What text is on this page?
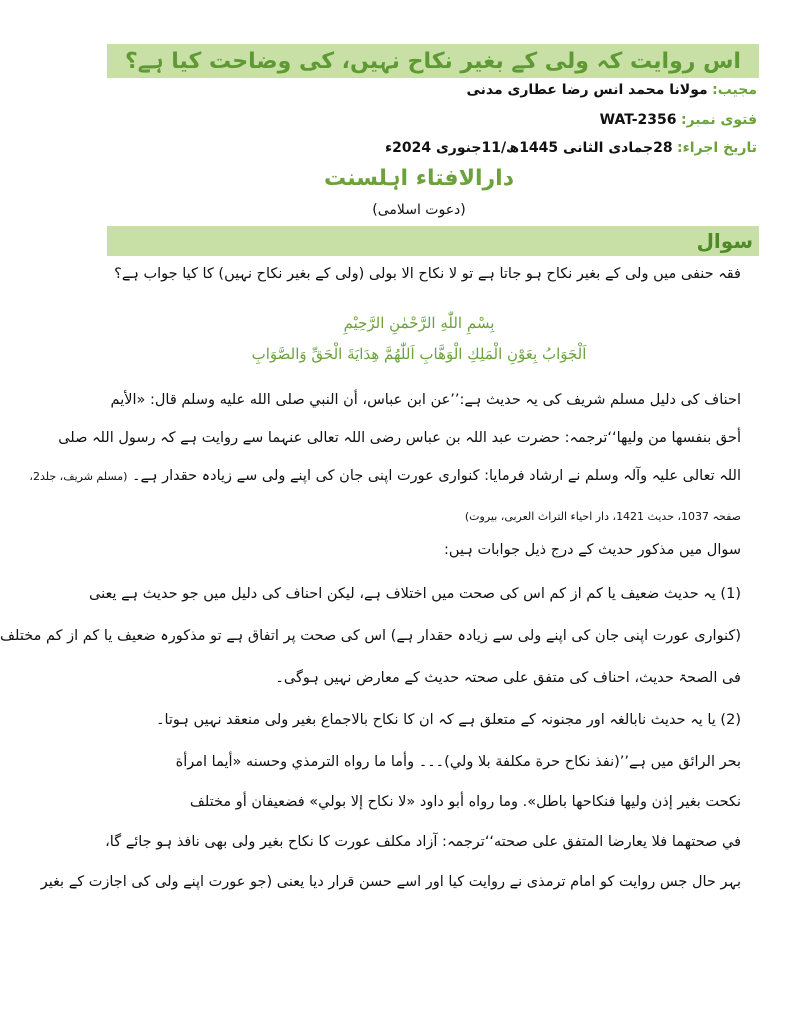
اس روایت کہ ولی کے بغیر نکاح نہیں، کی وضاحت کیا ہے؟
مجیب: مولانا محمد انس رضا عطاری مدنی
فتوی نمبر: WAT-2356
تاریخ اجراء: 28جمادی الثانی 1445ھ/11جنوری 2024ء
دارالافتاء اہلسنت
(دعوت اسلامی)
سوال
فقہ حنفی میں ولی کے بغیر نکاح ہو جاتا ہے تو لا نکاح الا بولی (ولی کے بغیر نکاح نہیں) کا کیا جواب ہے؟
بِسْمِ اللّٰهِ الرَّحْمٰنِ الرَّحِیْمِ
اَلْجَوَابُ بِعَوْنِ الْمَلِكِ الْوَهَّابِ اَللّٰهُمَّ هِدَايَةَ الْحَقِّ وَالصَّوَابِ
احناف کی دلیل مسلم شریف کی یہ حدیث ہے:’’عن ابن عباس، أن النبي صلى الله عليه وسلم قال: «الأيم
أحق بنفسها من وليها‘‘ترجمہ: حضرت عبد اللہ بن عباس رضی اللہ تعالی عنہما سے روایت ہے کہ رسول اللہ صلی
اللہ تعالی علیہ وآلہ وسلم نے ارشاد فرمایا: کنواری عورت اپنی جان کی اپنے ولی سے زیادہ حقدار ہے۔ (مسلم شریف، جلد2،
صفحہ 1037، حدیث 1421، دار احیاء التراث العربی، بیروت)
سوال میں مذکور حدیث کے درج ذیل جوابات ہیں:
(1) یہ حدیث ضعیف یا کم از کم اس کی صحت میں اختلاف ہے، لیکن احناف کی دلیل میں جو حدیث ہے یعنی
(کنواری عورت اپنی جان کی اپنے ولی سے زیادہ حقدار ہے) اس کی صحت پر اتفاق ہے تو مذکورہ ضعیف یا کم از کم مختلف
فی الصحۃ حدیث، احناف کی متفق علی صحتہ حدیث کے معارض نہیں ہوگی۔
(2) یا یہ حدیث نابالغہ اور مجنونہ کے متعلق ہے کہ ان کا نکاح بالاجماع بغیر ولی منعقد نہیں ہوتا۔
بحر الرائق میں ہے’’(نفذ نكاح حرة مكلفة بلا ولي)۔۔۔ وأما ما رواه الترمذي وحسنه «أيما امرأة
نكحت بغير إذن وليها فنكاحها باطل». وما رواه أبو داود «لا نكاح إلا بولي» فضعيفان أو مختلف
في صحتهما فلا يعارضا المتفق على صحته‘‘ترجمہ: آزاد مکلف عورت کا نکاح بغیر ولی بھی نافذ ہو جائے گا،
بہر حال جس روایت کو امام ترمذی نے روایت کیا اور اسے حسن قرار دیا یعنی (جو عورت اپنے ولی کی اجازت کے بغیر
